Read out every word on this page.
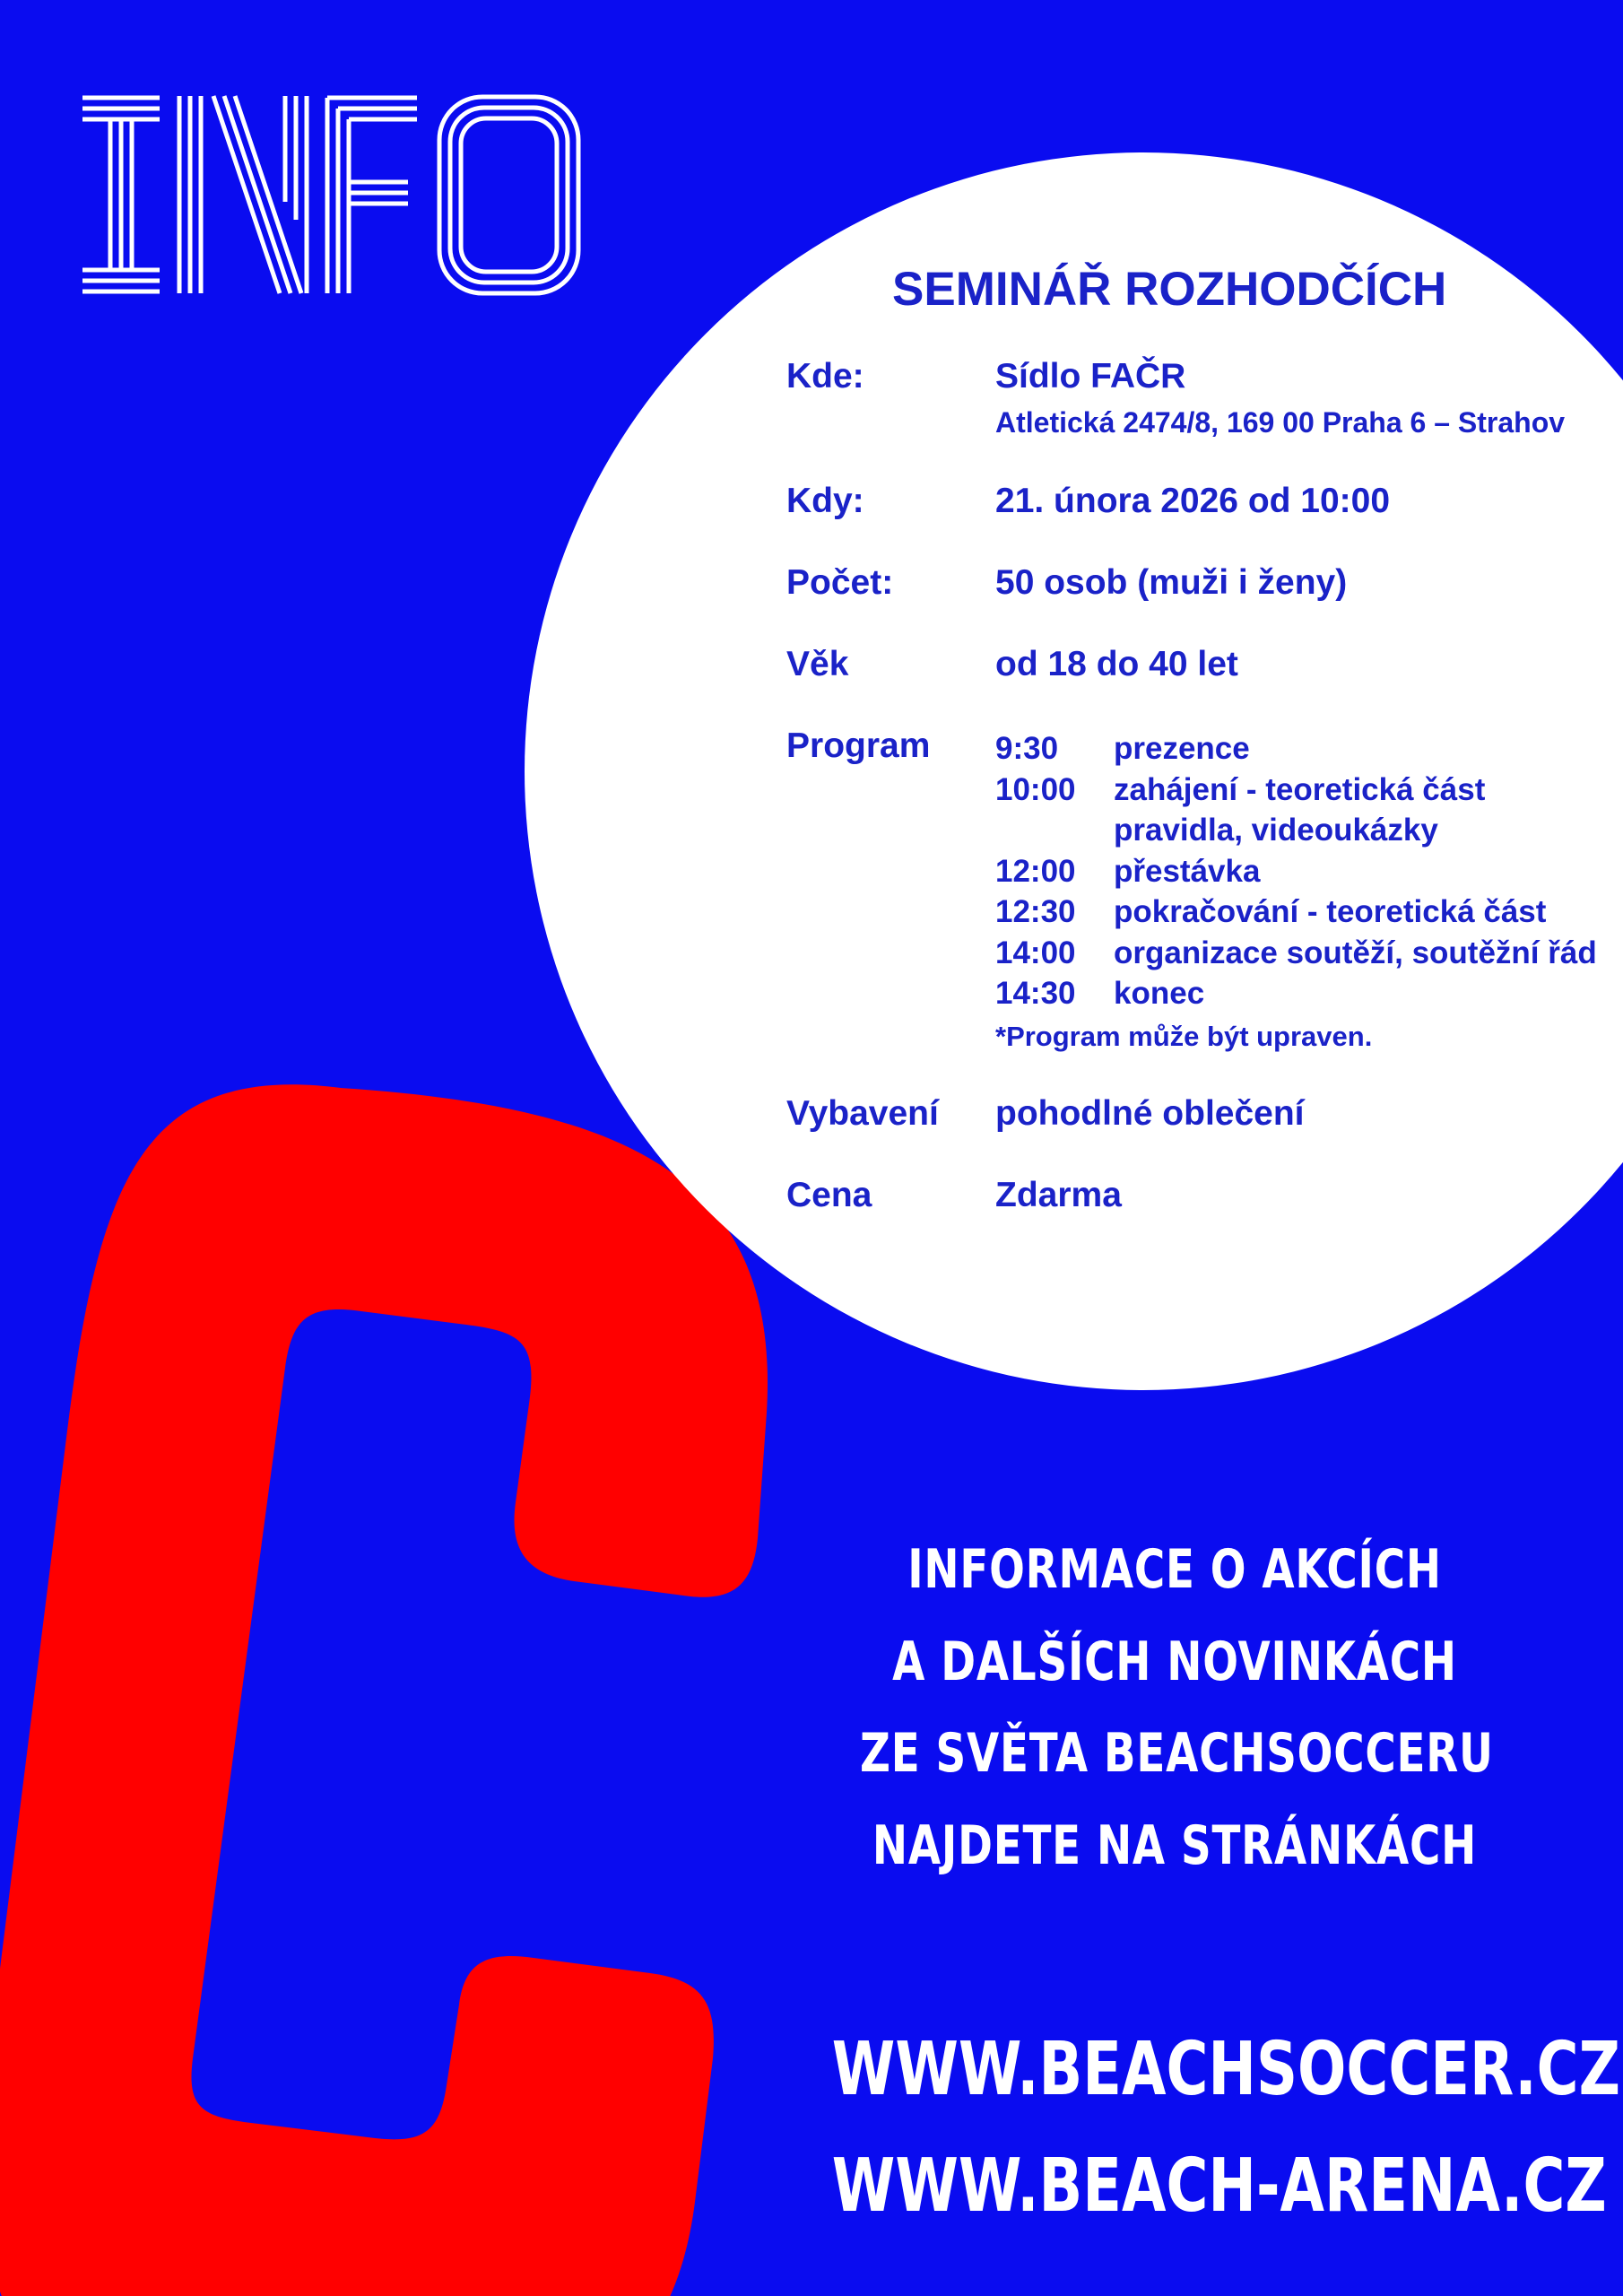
SEMINÁŘ ROZHODČÍCH
Kde:	Sídlo FAČR
Atletická 2474/8, 169 00 Praha 6 – Strahov
Kdy:	21. února 2026 od 10:00
Počet:	50 osob (muži i ženy)
Věk	od 18 do 40 let
Program 9:30 prezence
10:00 zahájení - teoretická část
pravidla, videoukázky
12:00 přestávka
12:30 pokračování - teoretická část
14:00 organizace soutěží, soutěžní řád
14:30 konec
*Program může být upraven.
Vybavení pohodlné oblečení
Cena	Zdarma
INFORMACE O AKCÍCH
A DALŠÍCH NOVINKÁCH
ZE SVĚTA BEACHSOCCERU
NAJDETE NA STRÁNKÁCH
WWW.BEACHSOCCER.CZ
WWW.BEACH-ARENA.CZ
